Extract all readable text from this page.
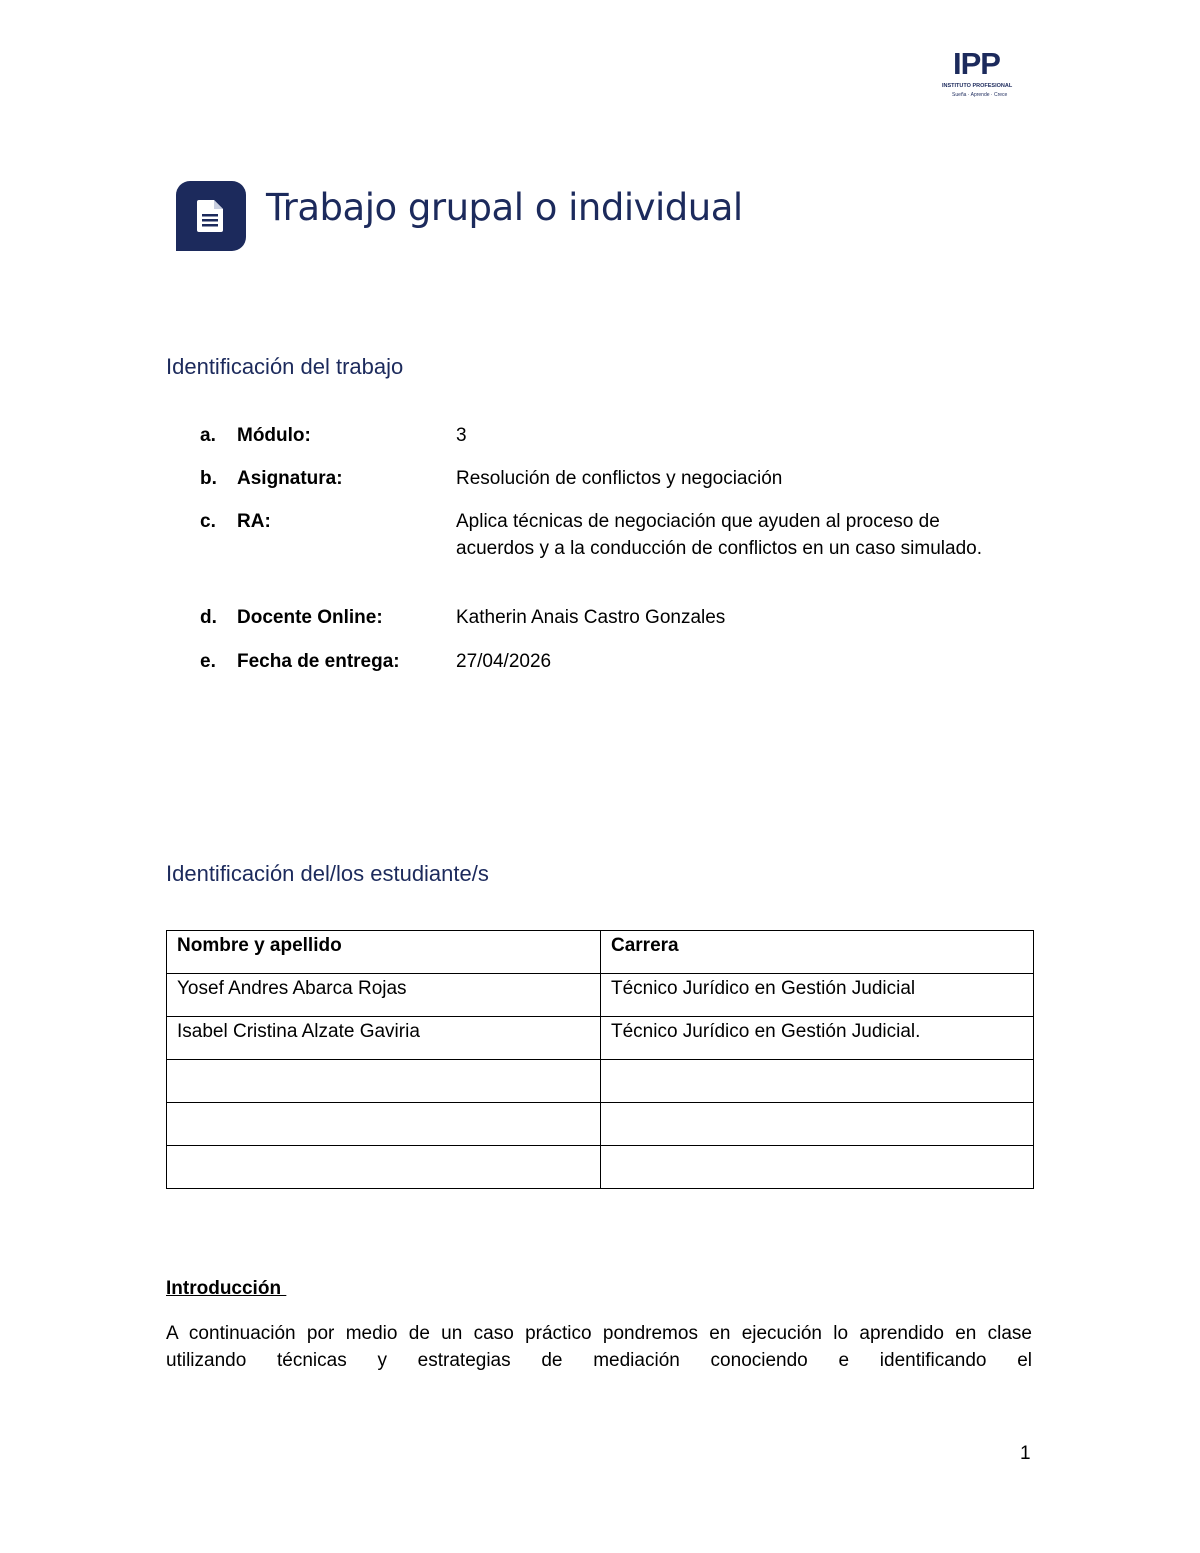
IPP
INSTITUTO PROFESIONAL
Sueña · Aprende · Crece
Trabajo grupal o individual
Identificación del trabajo
a. Módulo:	3
b. Asignatura:	Resolución de conflictos y negociación
c. RA:	Aplica técnicas de negociación que ayuden al proceso de acuerdos y a la conducción de conflictos en un caso simulado.
d. Docente Online:	Katherin Anais Castro Gonzales
e. Fecha de entrega:	27/04/2026
Identificación del/los estudiante/s
Nombre y apellido	Carrera
Yosef Andres Abarca Rojas	Técnico Jurídico en Gestión Judicial
Isabel Cristina Alzate Gaviria	Técnico Jurídico en Gestión Judicial.

Introducción
A continuación por medio de un caso práctico pondremos en ejecución lo aprendido en clase utilizando técnicas y estrategias de mediación conociendo e identificando el
1
